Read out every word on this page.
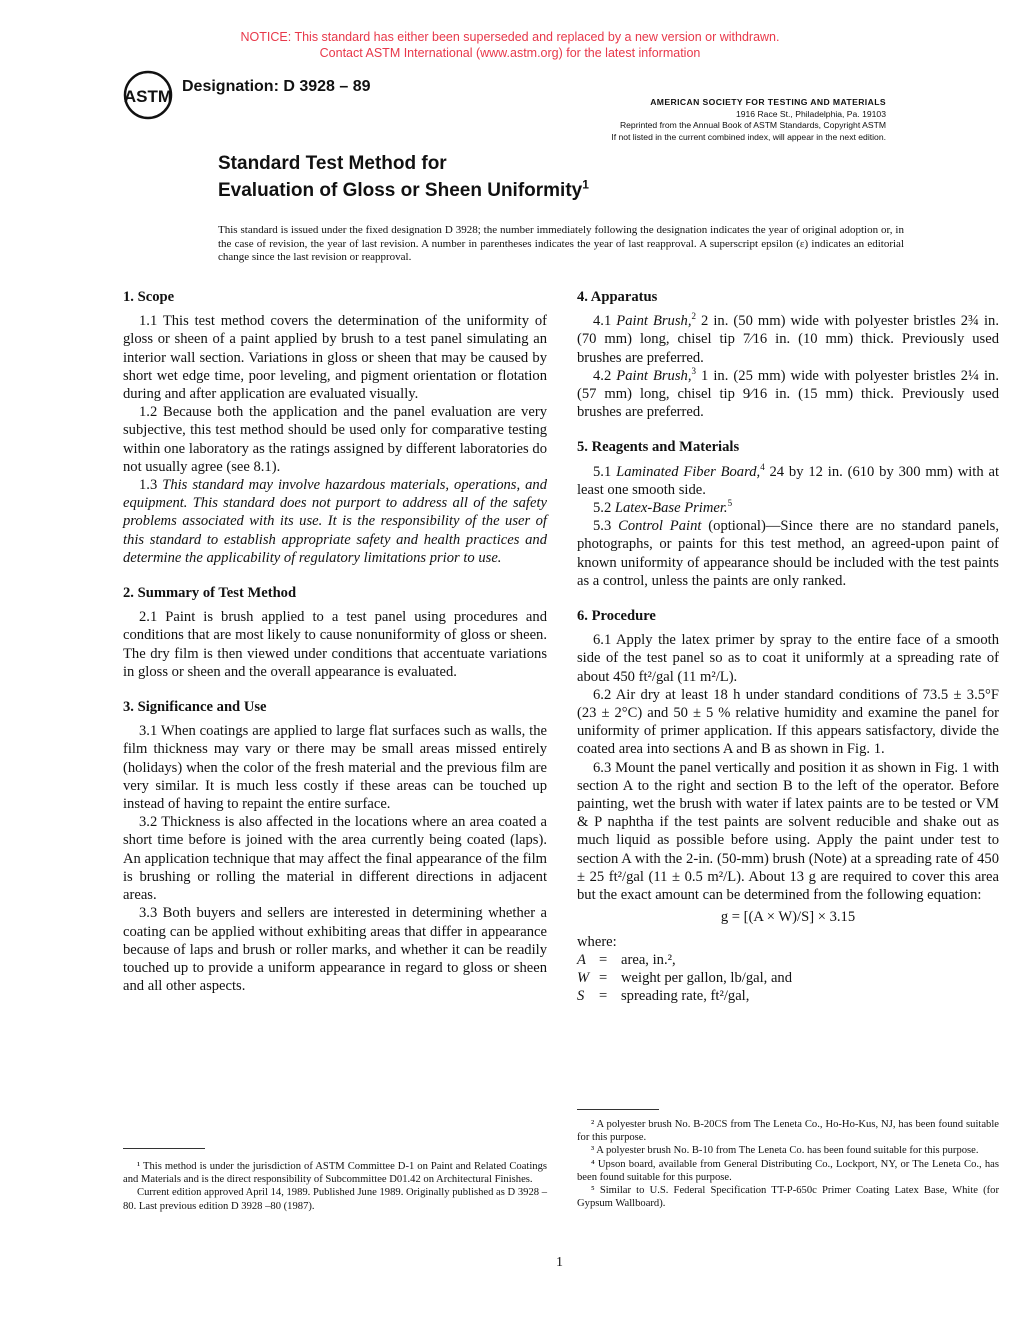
NOTICE: This standard has either been superseded and replaced by a new version or withdrawn.
Contact ASTM International (www.astm.org) for the latest information
ASTM
Designation: D 3928 – 89
AMERICAN SOCIETY FOR TESTING AND MATERIALS
1916 Race St., Philadelphia, Pa. 19103
Reprinted from the Annual Book of ASTM Standards, Copyright ASTM
If not listed in the current combined index, will appear in the next edition.
Standard Test Method for
Evaluation of Gloss or Sheen Uniformity$^1$
This standard is issued under the fixed designation D 3928; the number immediately following the designation indicates the year of original adoption or, in the case of revision, the year of last revision. A number in parentheses indicates the year of last reapproval. A superscript epsilon (ε) indicates an editorial change since the last revision or reapproval.
1. Scope

1.1 This test method covers the determination of the uniformity of gloss or sheen of a paint applied by brush to a test panel simulating an interior wall section. Variations in gloss or sheen that may be caused by short wet edge time, poor leveling, and pigment orientation or flotation during and after application are evaluated visually.

1.2 Because both the application and the panel evaluation are very subjective, this test method should be used only for comparative testing within one laboratory as the ratings assigned by different laboratories do not usually agree (see 8.1).

1.3 This standard may involve hazardous materials, operations, and equipment. This standard does not purport to address all of the safety problems associated with its use. It is the responsibility of the user of this standard to establish appropriate safety and health practices and determine the applicability of regulatory limitations prior to use.

2. Summary of Test Method

2.1 Paint is brush applied to a test panel using procedures and conditions that are most likely to cause nonuniformity of gloss or sheen. The dry film is then viewed under conditions that accentuate variations in gloss or sheen and the overall appearance is evaluated.

3. Significance and Use

3.1 When coatings are applied to large flat surfaces such as walls, the film thickness may vary or there may be small areas missed entirely (holidays) when the color of the fresh material and the previous film are very similar. It is much less costly if these areas can be touched up instead of having to repaint the entire surface.

3.2 Thickness is also affected in the locations where an area coated a short time before is joined with the area currently being coated (laps). An application technique that may affect the final appearance of the film is brushing or rolling the material in different directions in adjacent areas.

3.3 Both buyers and sellers are interested in determining whether a coating can be applied without exhibiting areas that differ in appearance because of laps and brush or roller marks, and whether it can be readily touched up to provide a uniform appearance in regard to gloss or sheen and all other aspects.

4. Apparatus

4.1 Paint Brush,$^2$ 2 in. (50 mm) wide with polyester bristles 2¾ in. (70 mm) long, chisel tip 7⁄16 in. (10 mm) thick. Previously used brushes are preferred.

4.2 Paint Brush,$^3$ 1 in. (25 mm) wide with polyester bristles 2¼ in. (57 mm) long, chisel tip 9⁄16 in. (15 mm) thick. Previously used brushes are preferred.

5. Reagents and Materials

5.1 Laminated Fiber Board,$^4$ 24 by 12 in. (610 by 300 mm) with at least one smooth side.

5.2 Latex-Base Primer.$^5$

5.3 Control Paint (optional)—Since there are no standard panels, photographs, or paints for this test method, an agreed-upon paint of known uniformity of appearance should be included with the test paints as a control, unless the paints are only ranked.

6. Procedure

6.1 Apply the latex primer by spray to the entire face of a smooth side of the test panel so as to coat it uniformly at a spreading rate of about 450 ft²/gal (11 m²/L).

6.2 Air dry at least 18 h under standard conditions of 73.5 ± 3.5°F (23 ± 2°C) and 50 ± 5 % relative humidity and examine the panel for uniformity of primer application. If this appears satisfactory, divide the coated area into sections A and B as shown in Fig. 1.

6.3 Mount the panel vertically and position it as shown in Fig. 1 with section A to the right and section B to the left of the operator. Before painting, wet the brush with water if latex paints are to be tested or VM & P naphtha if the test paints are solvent reducible and shake out as much liquid as possible before using. Apply the paint under test to section A with the 2-in. (50-mm) brush (Note) at a spreading rate of 450 ± 25 ft²/gal (11 ± 0.5 m²/L). About 13 g are required to cover this area but the exact amount can be determined from the following equation:

g = [(A × W)/S] × 3.15
where:
A = area, in.²,
W = weight per gallon, lb/gal, and
S	= spreading rate, ft²/gal,

¹ This method is under the jurisdiction of ASTM Committee D-1 on Paint and Related Coatings and Materials and is the direct responsibility of Subcommittee D01.42 on Architectural Finishes.

Current edition approved April 14, 1989. Published June 1989. Originally published as D 3928 – 80. Last previous edition D 3928 –80 (1987).

² A polyester brush No. B-20CS from The Leneta Co., Ho-Ho-Kus, NJ, has been found suitable for this purpose.

³ A polyester brush No. B-10 from The Leneta Co. has been found suitable for this purpose.

⁴ Upson board, available from General Distributing Co., Lockport, NY, or The Leneta Co., has been found suitable for this purpose.

⁵ Similar to U.S. Federal Specification TT-P-650c Primer Coating Latex Base, White (for Gypsum Wallboard).

1
